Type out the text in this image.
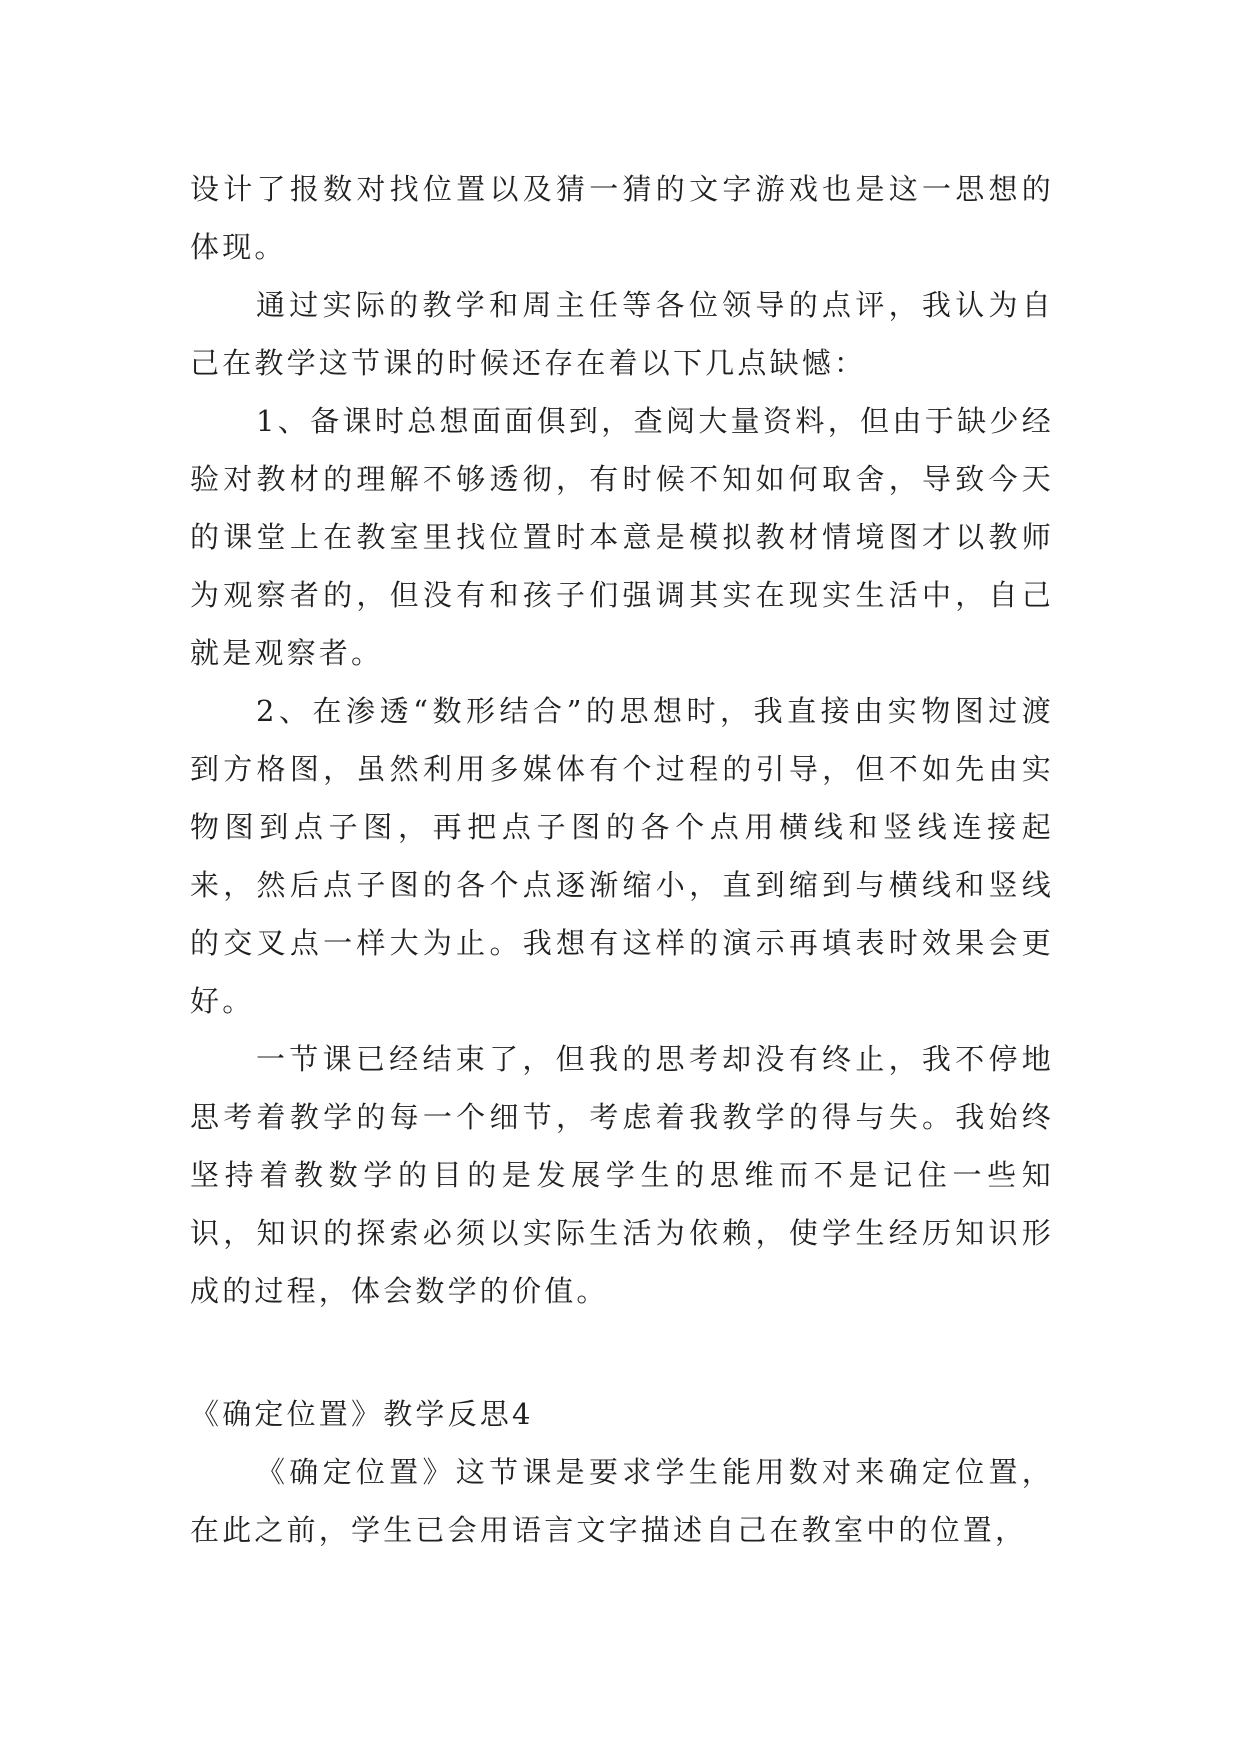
设计了报数对找位置以及猜一猜的文字游戏也是这一思想的体现。

通过实际的教学和周主任等各位领导的点评，我认为自己在教学这节课的时候还存在着以下几点缺憾：

1、备课时总想面面俱到，查阅大量资料，但由于缺少经验对教材的理解不够透彻，有时候不知如何取舍，导致今天的课堂上在教室里找位置时本意是模拟教材情境图才以教师为观察者的，但没有和孩子们强调其实在现实生活中，自己就是观察者。

2、在渗透“数形结合”的思想时，我直接由实物图过渡到方格图，虽然利用多媒体有个过程的引导，但不如先由实物图到点子图，再把点子图的各个点用横线和竖线连接起来，然后点子图的各个点逐渐缩小，直到缩到与横线和竖线的交叉点一样大为止。我想有这样的演示再填表时效果会更好。

一节课已经结束了，但我的思考却没有终止，我不停地思考着教学的每一个细节，考虑着我教学的得与失。我始终坚持着教数学的目的是发展学生的思维而不是记住一些知识，知识的探索必须以实际生活为依赖，使学生经历知识形成的过程，体会数学的价值。

《确定位置》教学反思4

《确定位置》这节课是要求学生能用数对来确定位置，在此之前，学生已会用语言文字描述自己在教室中的位置，
